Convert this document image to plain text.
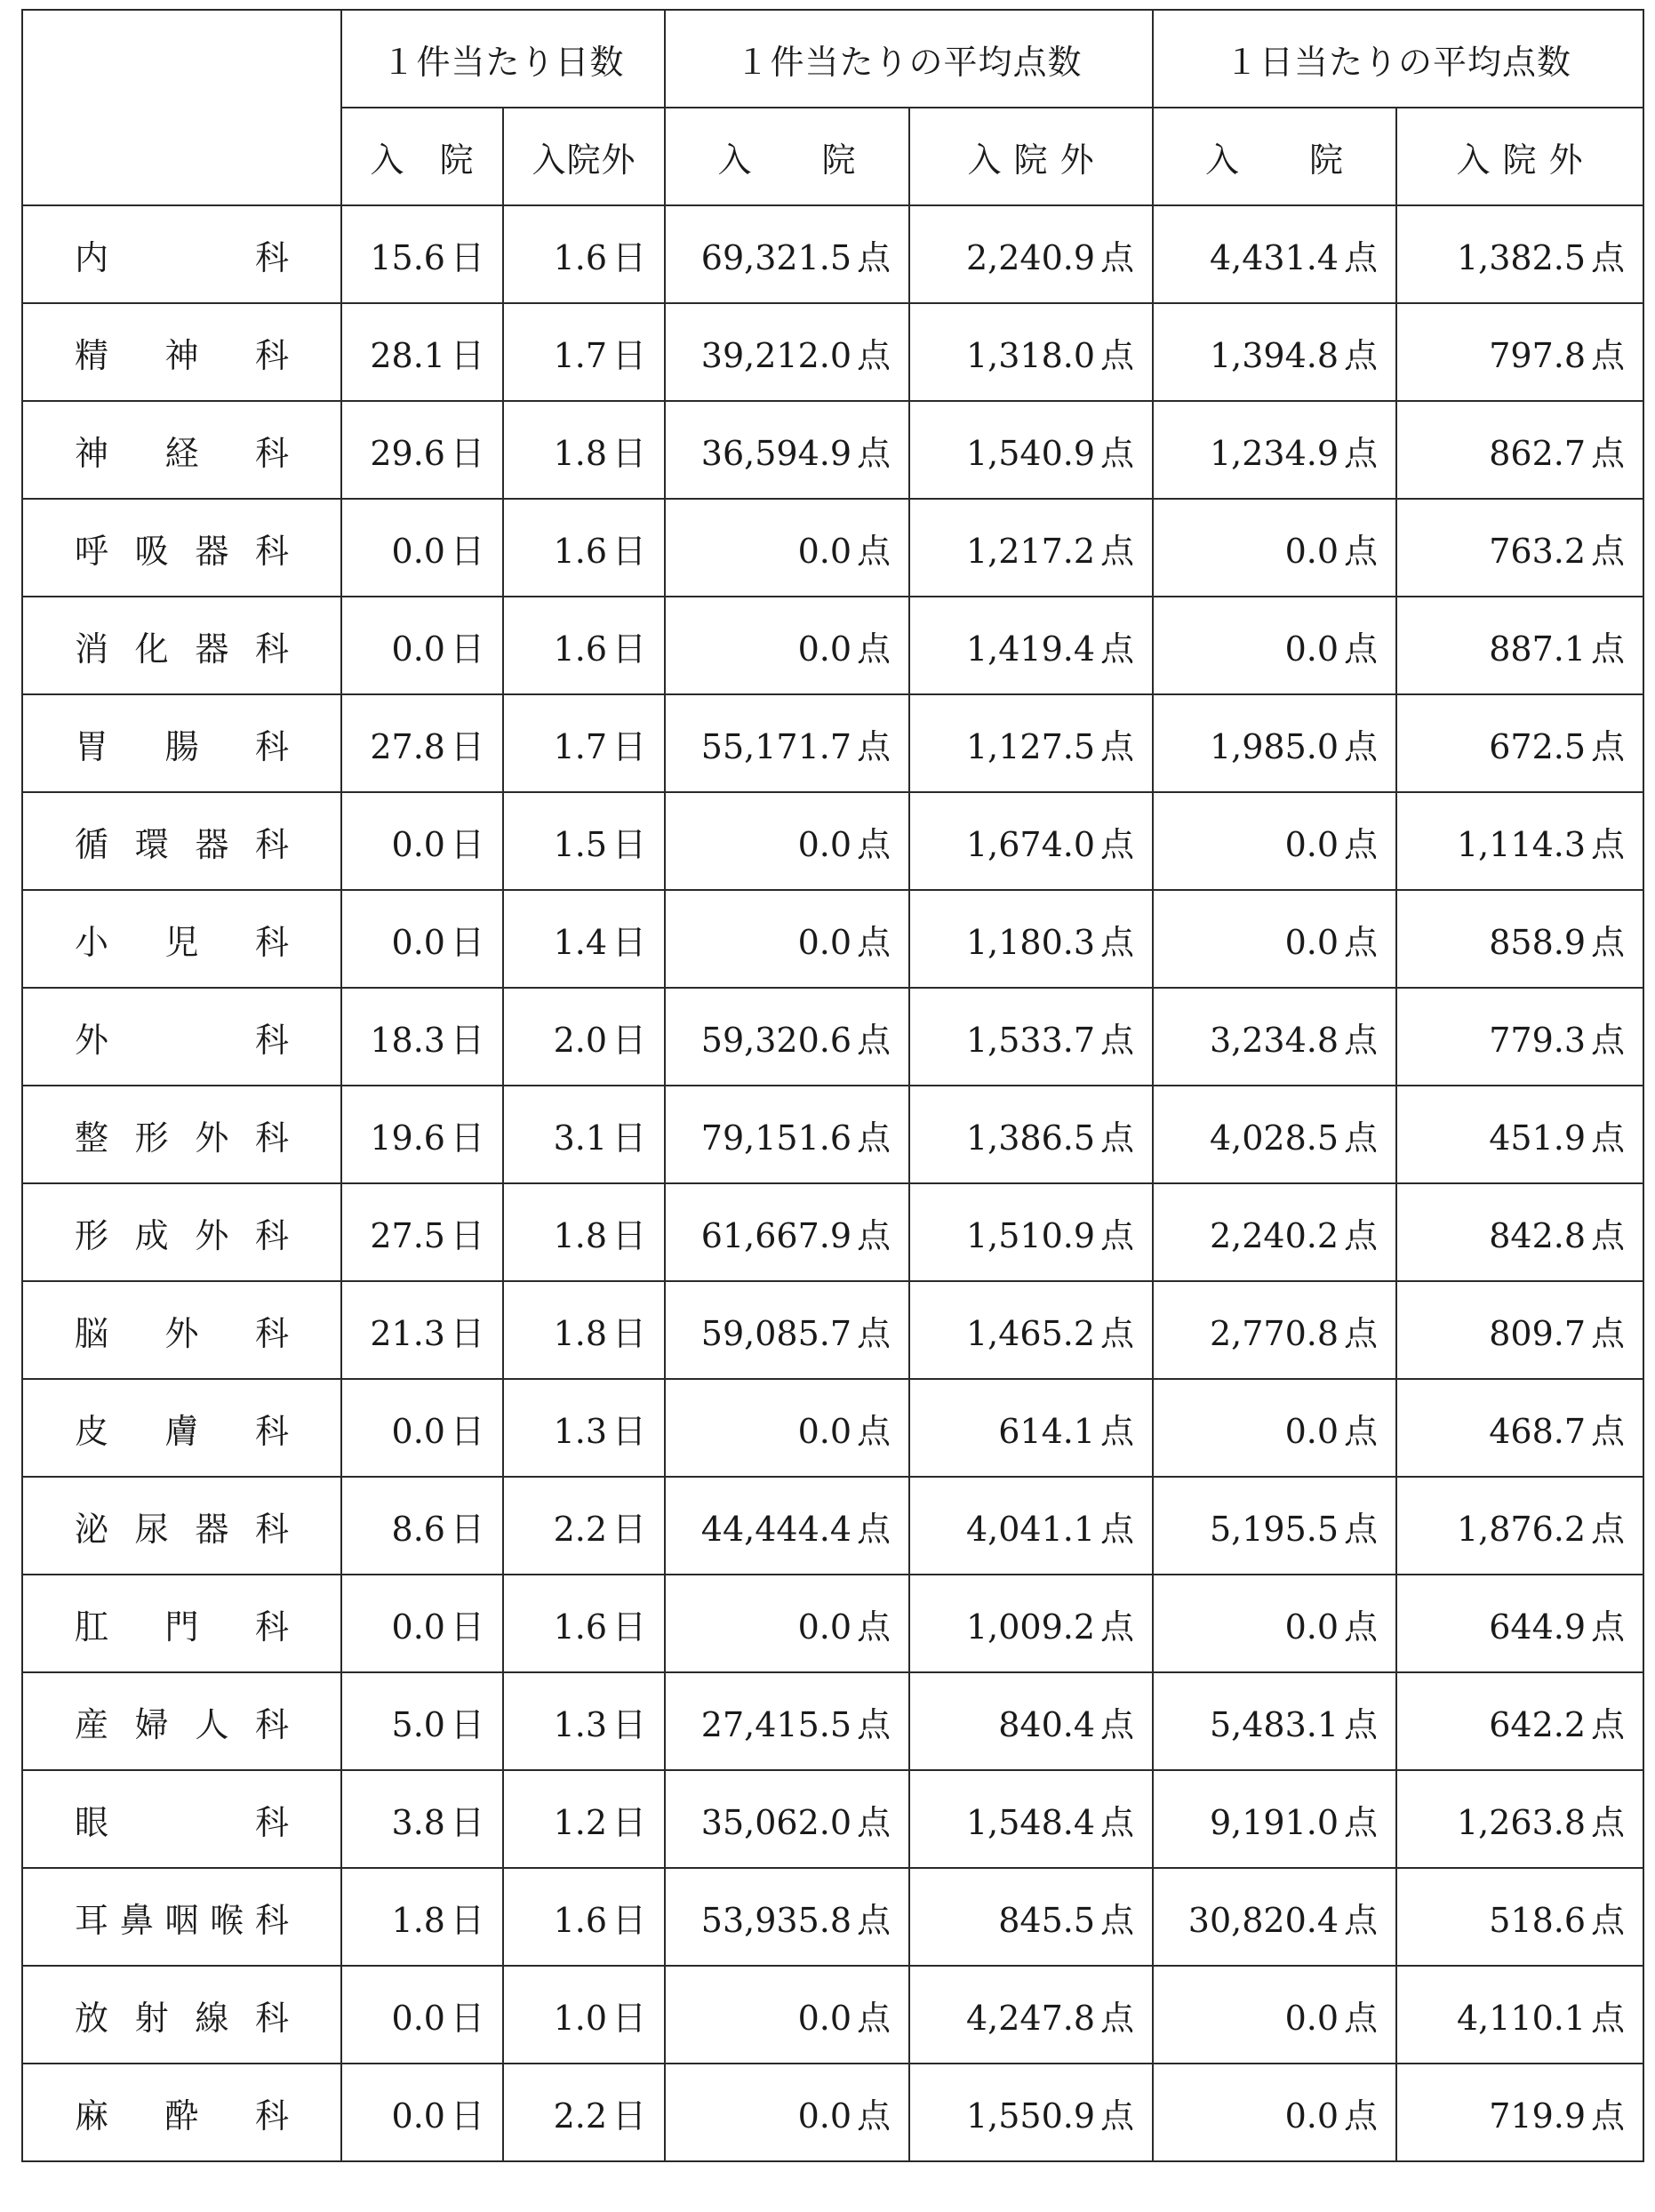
	１件当たり日数		１件当たりの平均点数		１日当たりの平均点数	
	入　院	入院外	入　　院	入 院 外	入　　院	入 院 外

内 科	15.6 日	1.6 日	69,321.5 点	2,240.9 点	4,431.4 点	1,382.5 点

精 神 科	28.1 日	1.7 日	39,212.0 点	1,318.0 点	1,394.8 点	797.8 点

神 経 科	29.6 日	1.8 日	36,594.9 点	1,540.9 点	1,234.9 点	862.7 点

呼 吸 器 科	0.0 日	1.6 日	0.0 点	1,217.2 点	0.0 点	763.2 点

消 化 器 科	0.0 日	1.6 日	0.0 点	1,419.4 点	0.0 点	887.1 点

胃 腸 科	27.8 日	1.7 日	55,171.7 点	1,127.5 点	1,985.0 点	672.5 点

循 環 器 科	0.0 日	1.5 日	0.0 点	1,674.0 点	0.0 点	1,114.3 点

小 児 科	0.0 日	1.4 日	0.0 点	1,180.3 点	0.0 点	858.9 点

外 科	18.3 日	2.0 日	59,320.6 点	1,533.7 点	3,234.8 点	779.3 点

整 形 外 科	19.6 日	3.1 日	79,151.6 点	1,386.5 点	4,028.5 点	451.9 点

形 成 外 科	27.5 日	1.8 日	61,667.9 点	1,510.9 点	2,240.2 点	842.8 点

脳 外 科	21.3 日	1.8 日	59,085.7 点	1,465.2 点	2,770.8 点	809.7 点

皮 膚 科	0.0 日	1.3 日	0.0 点	614.1 点	0.0 点	468.7 点

泌 尿 器 科	8.6 日	2.2 日	44,444.4 点	4,041.1 点	5,195.5 点	1,876.2 点

肛 門 科	0.0 日	1.6 日	0.0 点	1,009.2 点	0.0 点	644.9 点

産 婦 人 科	5.0 日	1.3 日	27,415.5 点	840.4 点	5,483.1 点	642.2 点

眼 科	3.8 日	1.2 日	35,062.0 点	1,548.4 点	9,191.0 点	1,263.8 点

耳 鼻 咽 喉 科	1.8 日	1.6 日	53,935.8 点	845.5 点	30,820.4 点	518.6 点

放 射 線 科	0.0 日	1.0 日	0.0 点	4,247.8 点	0.0 点	4,110.1 点

麻 酔 科	0.0 日	2.2 日	0.0 点	1,550.9 点	0.0 点	719.9 点
